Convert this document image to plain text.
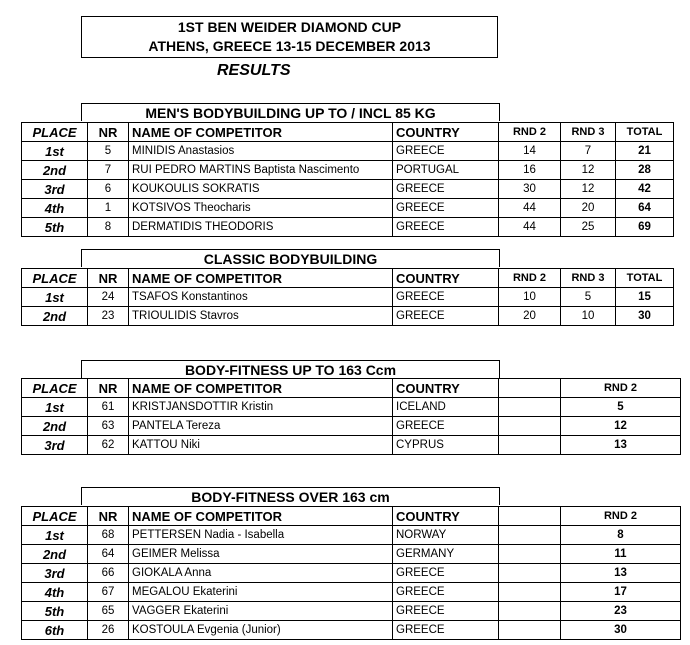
1ST BEN WEIDER DIAMOND CUP
ATHENS, GREECE 13-15 DECEMBER 2013
RESULTS
MEN'S BODYBUILDING UP TO / INCL 85 KG
PLACE	NR	NAME OF COMPETITOR	COUNTRY	RND 2	RND 3	TOTAL
1st	5	MINIDIS Anastasios	GREECE	14	7	21
2nd	7	RUI PEDRO MARTINS Baptista Nascimento	PORTUGAL	16	12	28
3rd	6	KOUKOULIS SOKRATIS	GREECE	30	12	42
4th	1	KOTSIVOS Theocharis	GREECE	44	20	64
5th	8	DERMATIDIS THEODORIS	GREECE	44	25	69
CLASSIC BODYBUILDING
PLACE	NR	NAME OF COMPETITOR	COUNTRY	RND 2	RND 3	TOTAL
1st	24	TSAFOS Konstantinos	GREECE	10	5	15
2nd	23	TRIOULIDIS Stavros	GREECE	20	10	30
BODY-FITNESS UP TO 163 Ccm
PLACE	NR	NAME OF COMPETITOR	COUNTRY		RND 2
1st	61	KRISTJANSDOTTIR Kristin	ICELAND		5
2nd	63	PANTELA Tereza	GREECE		12
3rd	62	KATTOU Niki	CYPRUS		13
BODY-FITNESS OVER 163 cm
PLACE	NR	NAME OF COMPETITOR	COUNTRY		RND 2
1st	68	PETTERSEN Nadia - Isabella	NORWAY		8
2nd	64	GEIMER Melissa	GERMANY		11
3rd	66	GIOKALA Anna	GREECE		13
4th	67	MEGALOU Ekaterini	GREECE		17
5th	65	VAGGER Ekaterini	GREECE		23
6th	26	KOSTOULA Evgenia (Junior)	GREECE		30
